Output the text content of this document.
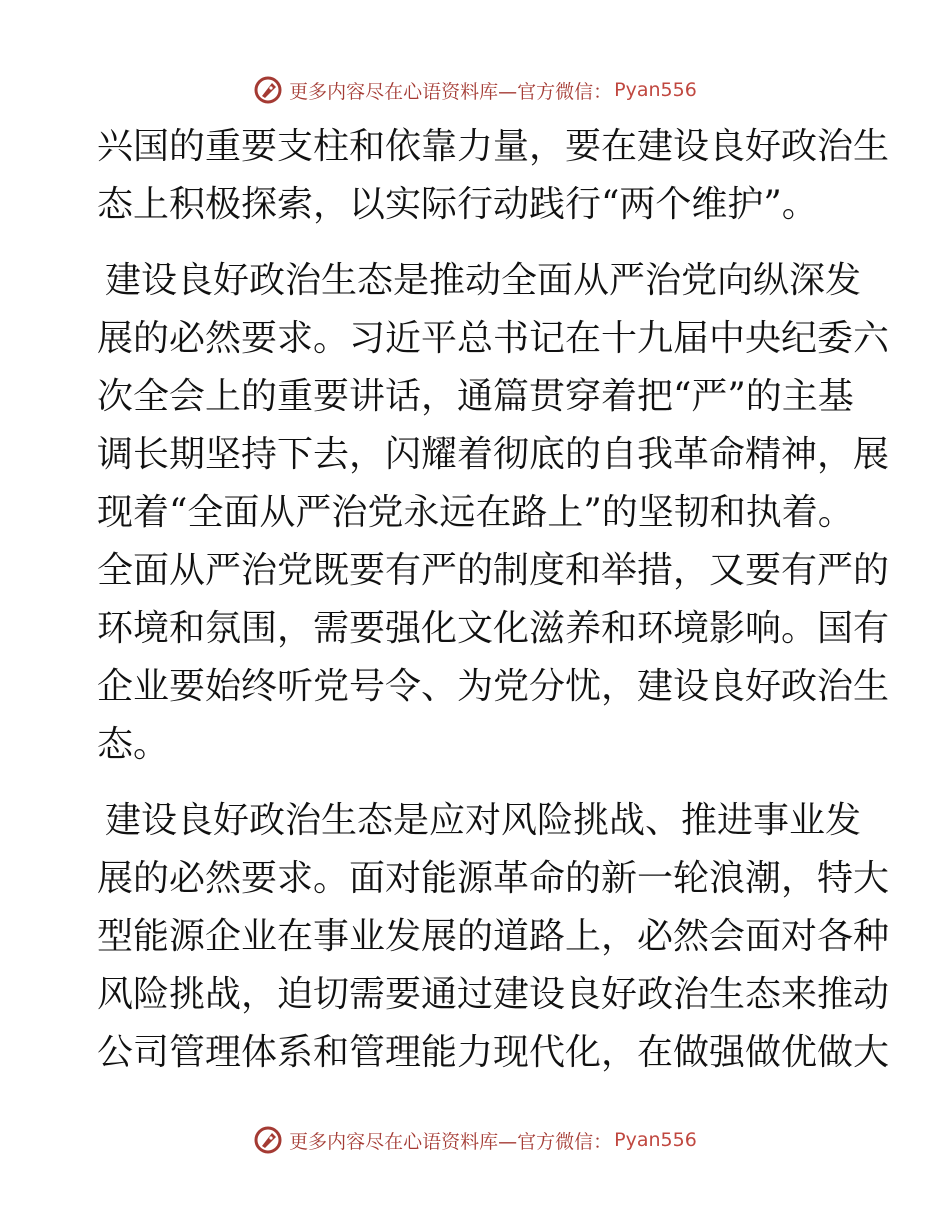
更多内容尽在心语资料库—官方微信： Pyan556

兴国的重要支柱和依靠力量，要在建设良好政治生
态上积极探索，以实际行动践行“两个维护”。

建设良好政治生态是推动全面从严治党向纵深发
展的必然要求。习近平总书记在十九届中央纪委六
次全会上的重要讲话，通篇贯穿着把“严”的主基
调长期坚持下去，闪耀着彻底的自我革命精神，展
现着“全面从严治党永远在路上”的坚韧和执着。
全面从严治党既要有严的制度和举措，又要有严的
环境和氛围，需要强化文化滋养和环境影响。国有
企业要始终听党号令、为党分忧，建设良好政治生
态。

建设良好政治生态是应对风险挑战、推进事业发
展的必然要求。面对能源革命的新一轮浪潮，特大
型能源企业在事业发展的道路上，必然会面对各种
风险挑战，迫切需要通过建设良好政治生态来推动
公司管理体系和管理能力现代化，在做强做优做大

更多内容尽在心语资料库—官方微信： Pyan556
